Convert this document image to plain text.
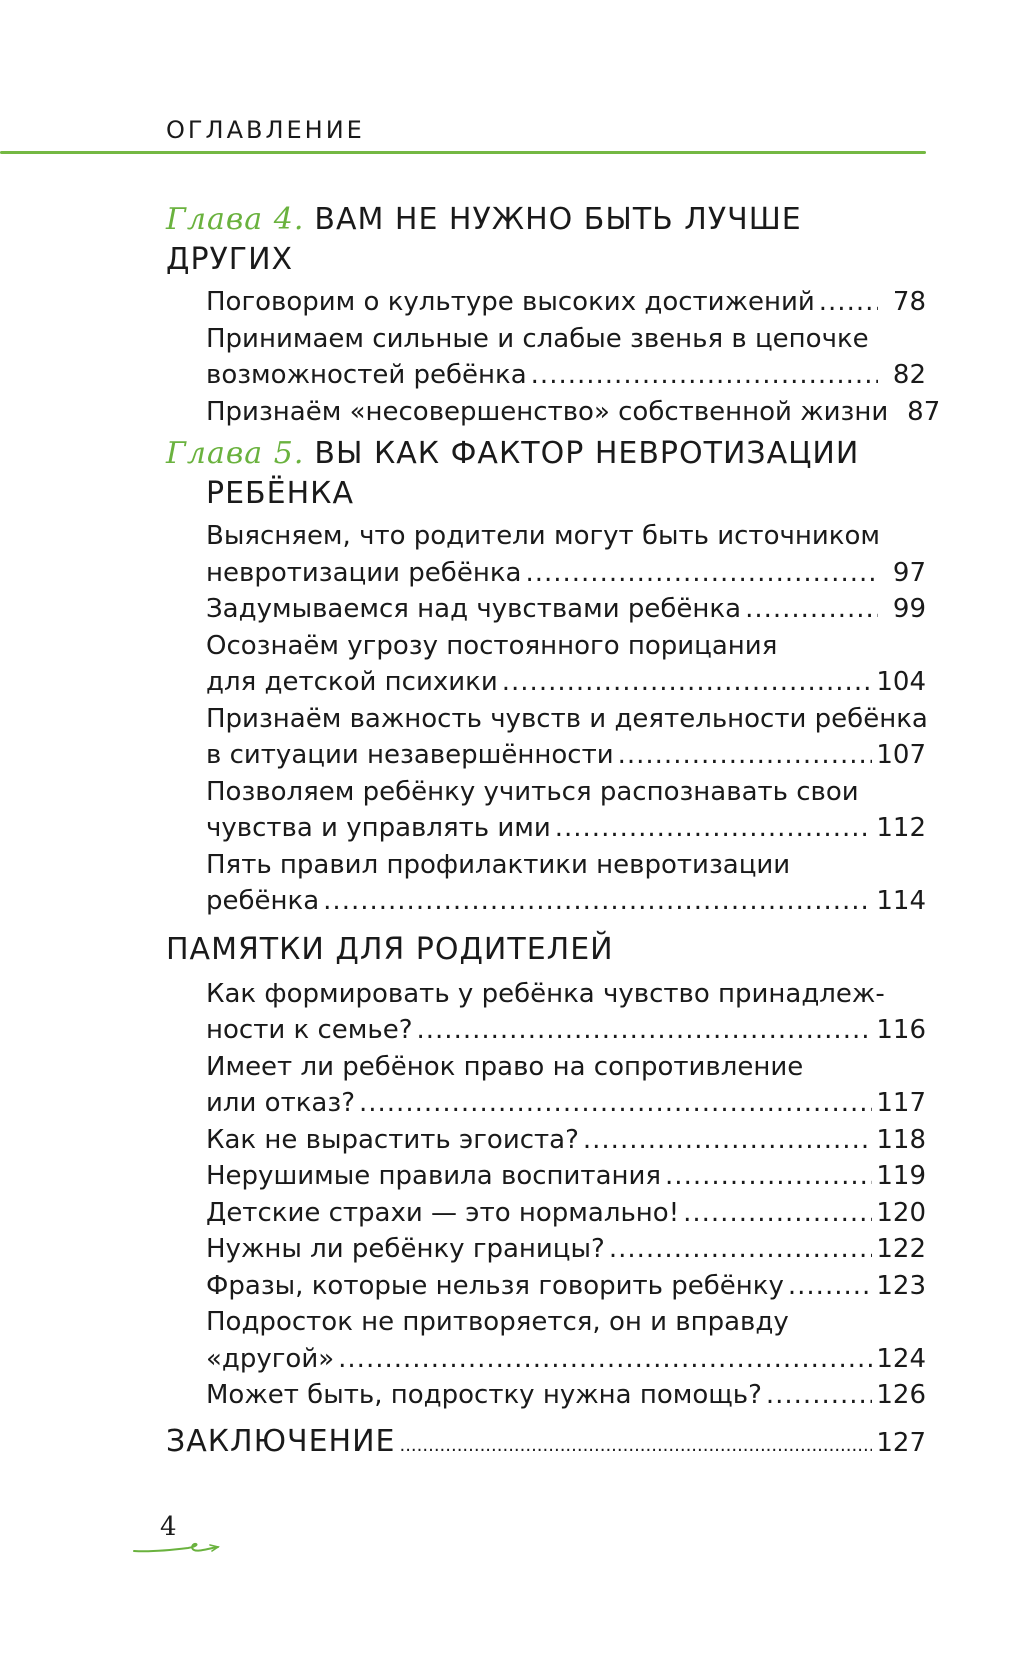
ОГЛАВЛЕНИЕ
Глава 4. ВАМ НЕ НУЖНО БЫТЬ ЛУЧШЕ ДРУГИХ
Поговорим о культуре высоких достижений .....	78
Принимаем сильные и слабые звенья в цепочке
возможностей ребёнка .....	82
Признаём «несовершенство» собственной жизни 87
Глава 5. ВЫ КАК ФАКТОР НЕВРОТИЗАЦИИ
РЕБЁНКА
Выясняем, что родители могут быть источником
невротизации ребёнка .....	97
Задумываемся над чувствами ребёнка .....	99
Осознаём угрозу постоянного порицания
для детской психики .....	104
Признаём важность чувств и деятельности ребёнка
в ситуации незавершённости .....	107
Позволяем ребёнку учиться распознавать свои
чувства и управлять ими .....	112
Пять правил профилактики невротизации
ребёнка .....	114
ПАМЯТКИ ДЛЯ РОДИТЕЛЕЙ
Как формировать у ребёнка чувство принадлеж-
ности к семье? .....	116
Имеет ли ребёнок право на сопротивление
или отказ? .....	117
Как не вырастить эгоиста? .....	118
Нерушимые правила воспитания .....	119
Детские страхи — это нормально! .....	120
Нужны ли ребёнку границы? .....	122
Фразы, которые нельзя говорить ребёнку .....	123
Подросток не притворяется, он и вправду
«другой» .....	124
Может быть, подростку нужна помощь? .....	126
ЗАКЛЮЧЕНИЕ .....	127
4
